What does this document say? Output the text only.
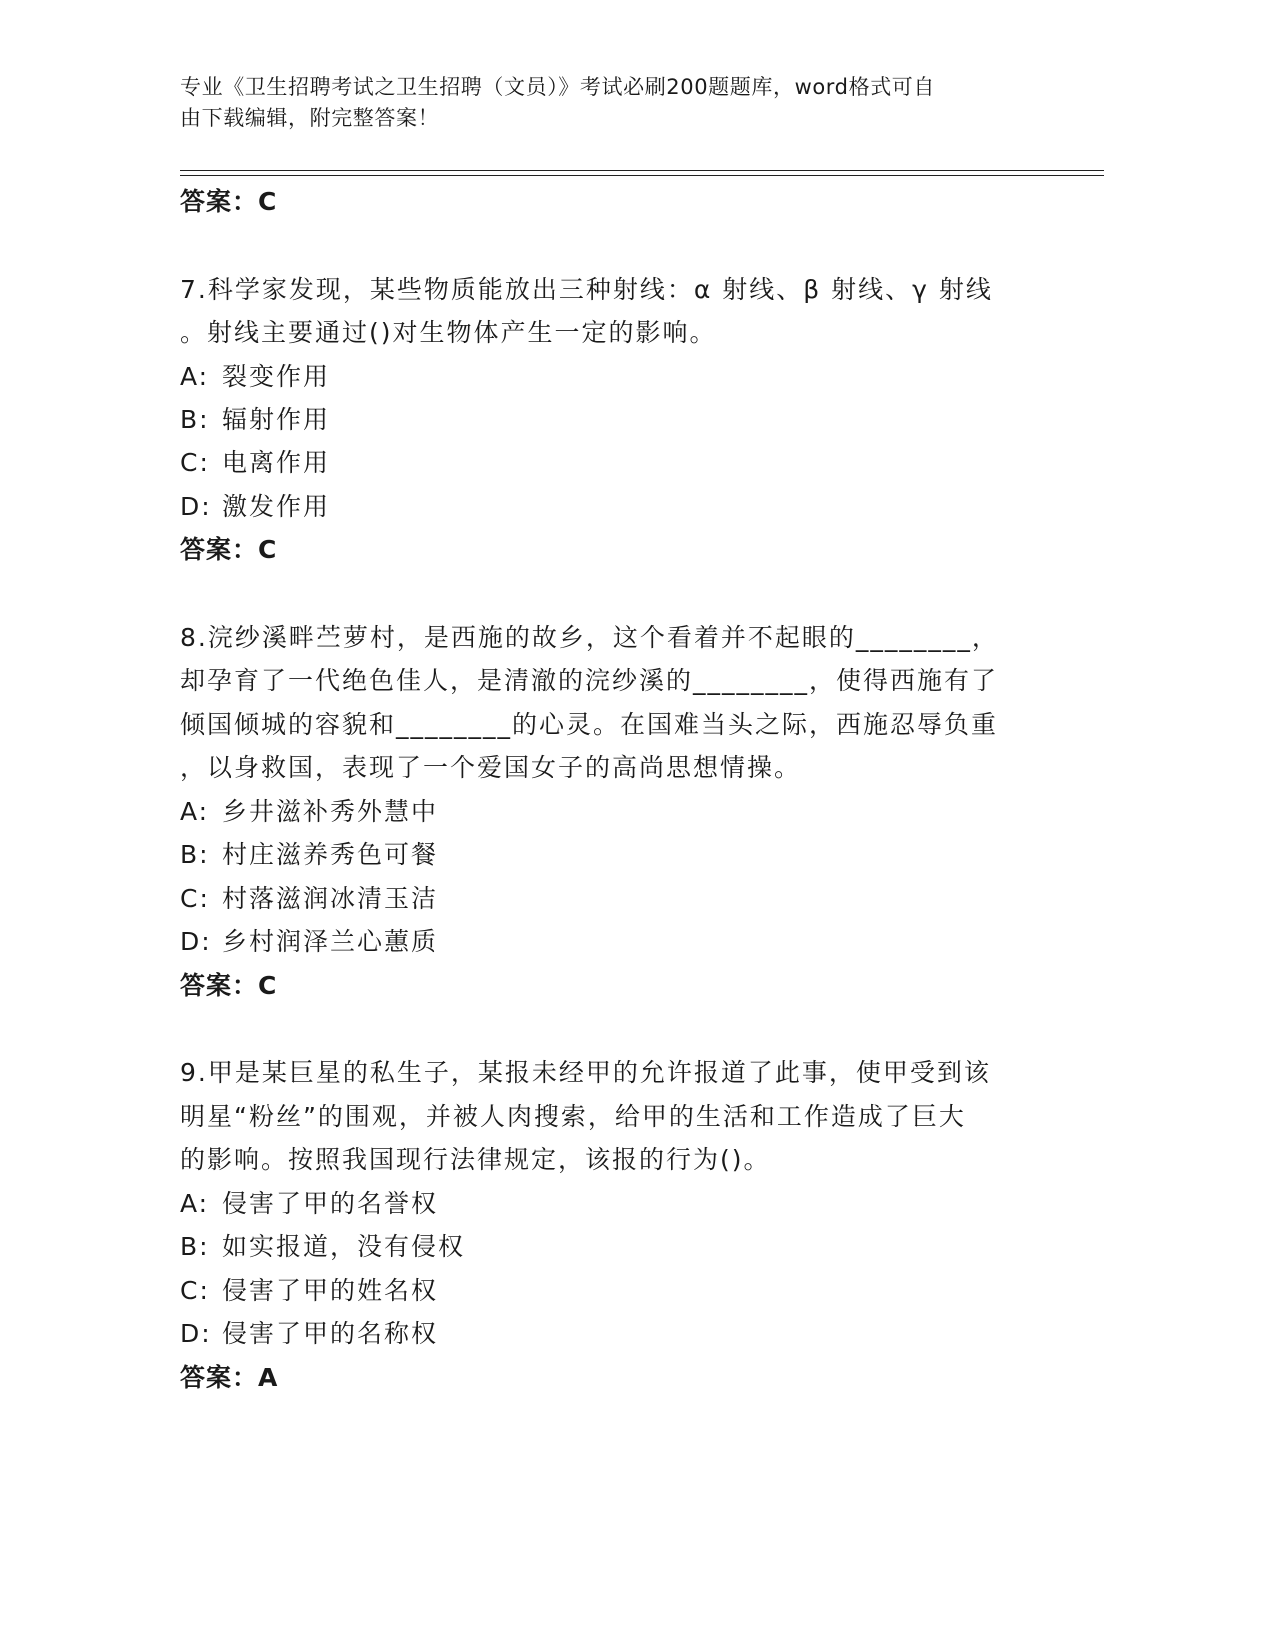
专业《卫生招聘考试之卫生招聘（文员）》考试必刷200题题库，word格式可自
由下载编辑，附完整答案！
答案：C
7.科学家发现，某些物质能放出三种射线：α 射线、β 射线、γ 射线
。射线主要通过()对生物体产生一定的影响。
A: 裂变作用
B: 辐射作用
C: 电离作用
D: 激发作用
答案：C
8.浣纱溪畔苎萝村，是西施的故乡，这个看着并不起眼的________，
却孕育了一代绝色佳人，是清澈的浣纱溪的________，使得西施有了
倾国倾城的容貌和________的心灵。在国难当头之际，西施忍辱负重
，以身救国，表现了一个爱国女子的高尚思想情操。
A: 乡井滋补秀外慧中
B: 村庄滋养秀色可餐
C: 村落滋润冰清玉洁
D: 乡村润泽兰心蕙质
答案：C
9.甲是某巨星的私生子，某报未经甲的允许报道了此事，使甲受到该
明星“粉丝”的围观，并被人肉搜索，给甲的生活和工作造成了巨大
的影响。按照我国现行法律规定，该报的行为()。
A: 侵害了甲的名誉权
B: 如实报道，没有侵权
C: 侵害了甲的姓名权
D: 侵害了甲的名称权
答案：A
